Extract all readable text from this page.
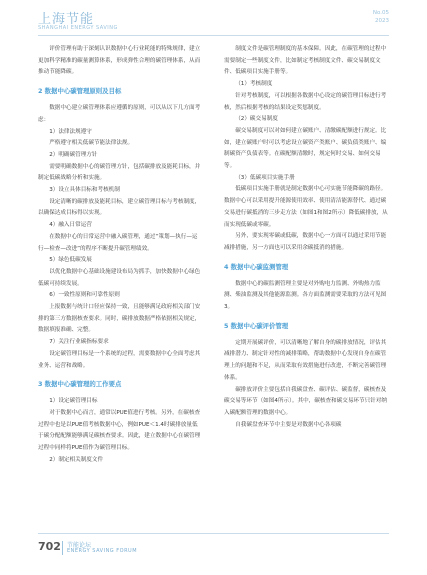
上海节能
SHANGHAI ENERGY SAVING
No.05
2023

评价管理有助于深刻认识数据中心行业耗能的特殊规律，建立更加科学精准的碳量测算体系，形成弹性合理的碳管理体系，从而推动节能降碳。

2 数据中心碳管理原则及目标

数据中心建立碳管理体系应遵循的原则，可以从以下几方面考虑：

1）法律法规遵守

严格遵守相关低碳节能法律法规。

2）明确碳管理方针

需要明确数据中心的碳管理方针，包括碳排放及能耗目标，并制定低碳战略分析和实施。

3）设立具体目标和考核机制

设定清晰的碳排放及能耗目标，建立碳管理目标与考核制度，以确保达成目标得以实现。

4）融入日常运营

在数据中心的日常运营中融入碳管理，通过“策划—执行—运行—检查—改进”的程序不断提升碳管理绩效。

5）绿色低碳发展

以优化数据中心基础设施建设布局为抓手，加快数据中心绿色低碳可持续发展。

6）一致性原则和可靠性原则

上报数据与统计口径应保持一致，且能够满足政府相关部门安排的第三方数据核查要求。同时，碳排放数据严格依据相关规定，数据填报准确、完整。

7）关注行业碳指标要求

设定碳管理目标是一个系统的过程，需要数据中心全面考虑其业务、运营和战略。

3 数据中心碳管理的工作要点

1）设定碳管理目标

对于数据中心而言，通常以PUE值进行考核。另外，在碳核查过程中也是以PUE值考核数据中心，例如PUE＜1.4时碳排放量低于碳分配配额能够满足碳核查要求。因此，建立数据中心在碳管理过程中同样将PUE值作为碳管理目标。

2）制定相关制度文件

制度文件是碳管理制度的基本保障。因此，在碳管理的过程中需要制定一些制度文件，比如制定考核制度文件、碳交易制度文件、低碳项目实施手册等。

（1）考核制度

针对考核制度，可以根据各数据中心设定的碳管理目标进行考核，然后根据考核的结果设定奖惩制度。

（2）碳交易制度

碳交易制度可以对如何建立碳账户、清缴碳配额进行规定。比如，建立碳账户时可以考虑设立碳资产类账户、碳负债类账户、编制碳资产负债表等。在碳配额清缴时，规定何时交易、如何交易等。

（3）低碳项目实施手册

低碳项目实施手册就是制定数据中心可实施节能降碳的路径。数据中心可以采用提升能源使用效率、使用清洁能源替代、通过碳交易进行碳抵消的三步走方法（如图1和图2所示）降低碳排放，从而实现低碳或零碳。

另外，要实现零碳或低碳，数据中心一方面可以通过采用节能减排措施，另一方面也可以采用余碳抵消的措施。

4 数据中心碳监测管理

数据中心的碳监测管理主要是对外购电力监测、外购热力监测、柴油监测及其他能源监测。各方面监测需要采取的方法可见图3。

5 数据中心碳评价管理

定期开展碳评价，可以清晰地了解自身的碳排放情况，评估其减排潜力、制定针对性的减排策略，帮助数据中心发现自身在碳管理上的问题和不足，从而采取有效措施进行改进，不断完善碳管理体系。

碳排放评价主要包括自我碳盘查、碳评估、碳监督，碳核查及碳交易等环节（如图4所示）。其中，碳核查和碳交易环节只针对纳入碳配额管理的数据中心。

自我碳盘查环节中主要是对数据中心各项碳

702 节能论坛
ENERGY SAVING FORUM
